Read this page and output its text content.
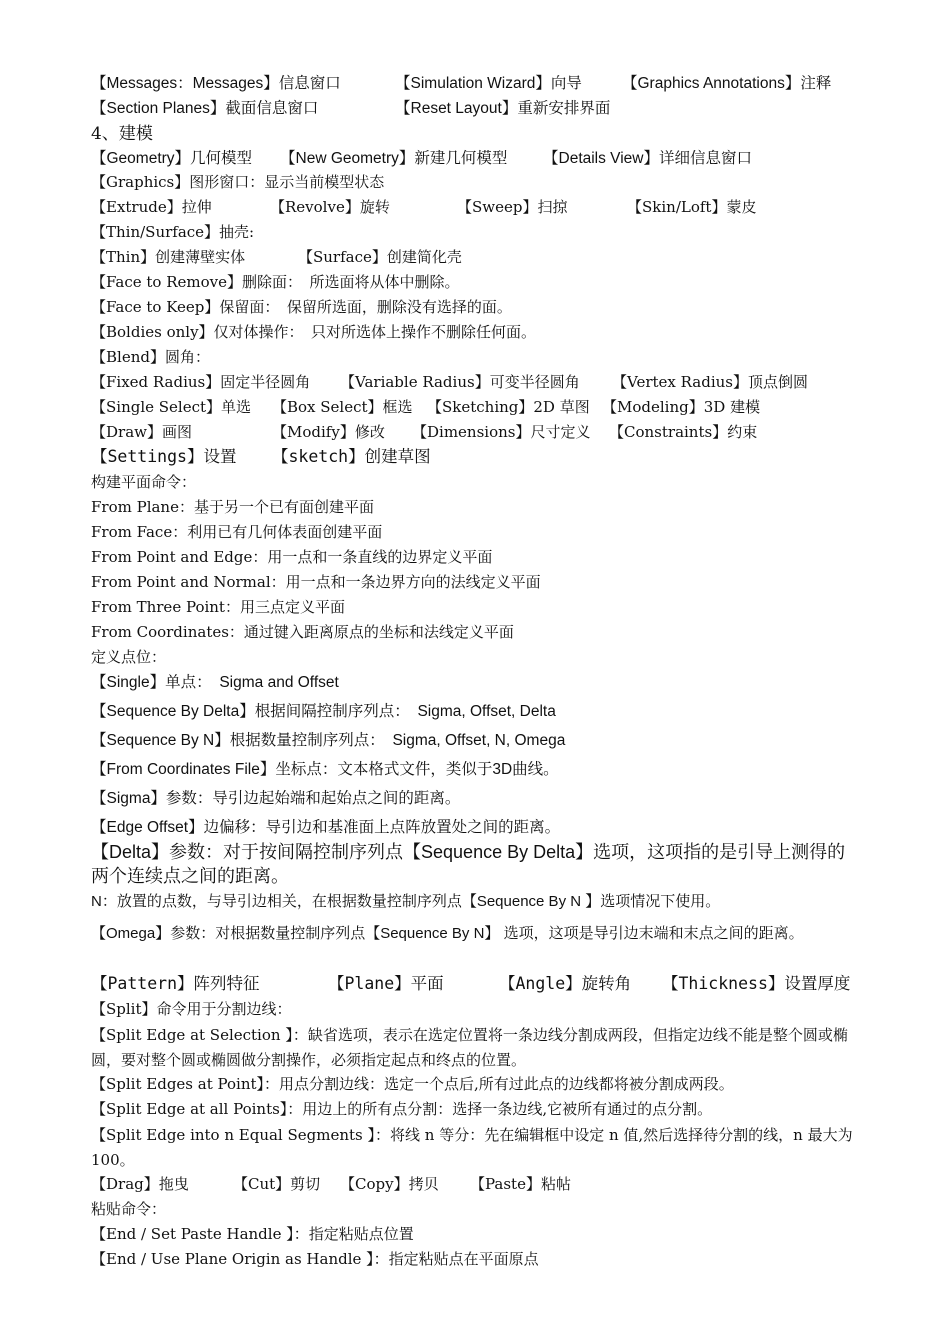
【Messages：Messages】信息窗口	【Simulation Wizard】向导	【Graphics Annotations】注释
【Section Planes】截面信息窗口	【Reset Layout】重新安排界面
4、建模
【Geometry】几何模型 【New Geometry】新建几何模型 【Details View】详细信息窗口
【Graphics】图形窗口：显示当前模型状态
【Extrude】拉伸	【Revolve】旋转	【Sweep】扫掠	【Skin/Loft】蒙皮
【Thin/Surface】抽壳:
【Thin】创建薄壁实体	【Surface】创建简化壳
【Face to Remove】删除面：　所选面将从体中删除。
【Face to Keep】保留面：　保留所选面，删除没有选择的面。
【Boldies only】仅对体操作：　只对所选体上操作不删除任何面。
【Blend】圆角：
【Fixed Radius】固定半径圆角 【Variable Radius】可变半径圆角 【Vertex Radius】顶点倒圆
【Single Select】单选 【Box Select】框选 【Sketching】2D 草图 【Modeling】3D 建模
【Draw】画图	【Modify】修改 【Dimensions】尺寸定义 【Constraints】约束
【Settings】设置 【sketch】创建草图
构建平面命令：
From Plane：基于另一个已有面创建平面
From Face：利用已有几何体表面创建平面
From Point and Edge：用一点和一条直线的边界定义平面
From Point and Normal：用一点和一条边界方向的法线定义平面
From Three Point：用三点定义平面
From Coordinates：通过键入距离原点的坐标和法线定义平面
定义点位：
【Single】单点：　Sigma and Offset
【Sequence By Delta】根据间隔控制序列点：　Sigma, Offset, Delta
【Sequence By N】根据数量控制序列点：　Sigma, Offset, N, Omega
【From Coordinates File】坐标点：文本格式文件，类似于3D曲线。
【Sigma】参数：导引边起始端和起始点之间的距离。
【Edge Offset】边偏移：导引边和基准面上点阵放置处之间的距离。
【Delta】参数：对于按间隔控制序列点【Sequence By Delta】选项，这项指的是引导上测得的两个连续点之间的距离。
N：放置的点数，与导引边相关，在根据数量控制序列点【Sequence By N 】选项情况下使用。
【Omega】参数：对根据数量控制序列点【Sequence By N】 选项，这项是导引边末端和末点之间的距离。
【Pattern】阵列特征	【Plane】平面	【Angle】旋转角 【Thickness】设置厚度
【Split】命令用于分割边线：
【Split Edge at Selection 】：缺省选项，表示在选定位置将一条边线分割成两段，但指定边线不能是整个圆或椭圆，要对整个圆或椭圆做分割操作，必须指定起点和终点的位置。
【Split Edges at Point】：用点分割边线：选定一个点后,所有过此点的边线都将被分割成两段。
【Split Edge at all Points】：用边上的所有点分割：选择一条边线,它被所有通过的点分割。
【Split Edge into n Equal Segments 】：将线 n 等分：先在编辑框中设定 n 值,然后选择待分割的线，n 最大为 100。
【Drag】拖曳	【Cut】剪切 【Copy】拷贝 【Paste】粘帖
粘贴命令：
【End / Set Paste Handle 】：指定粘贴点位置
【End / Use Plane Origin as Handle 】：指定粘贴点在平面原点
